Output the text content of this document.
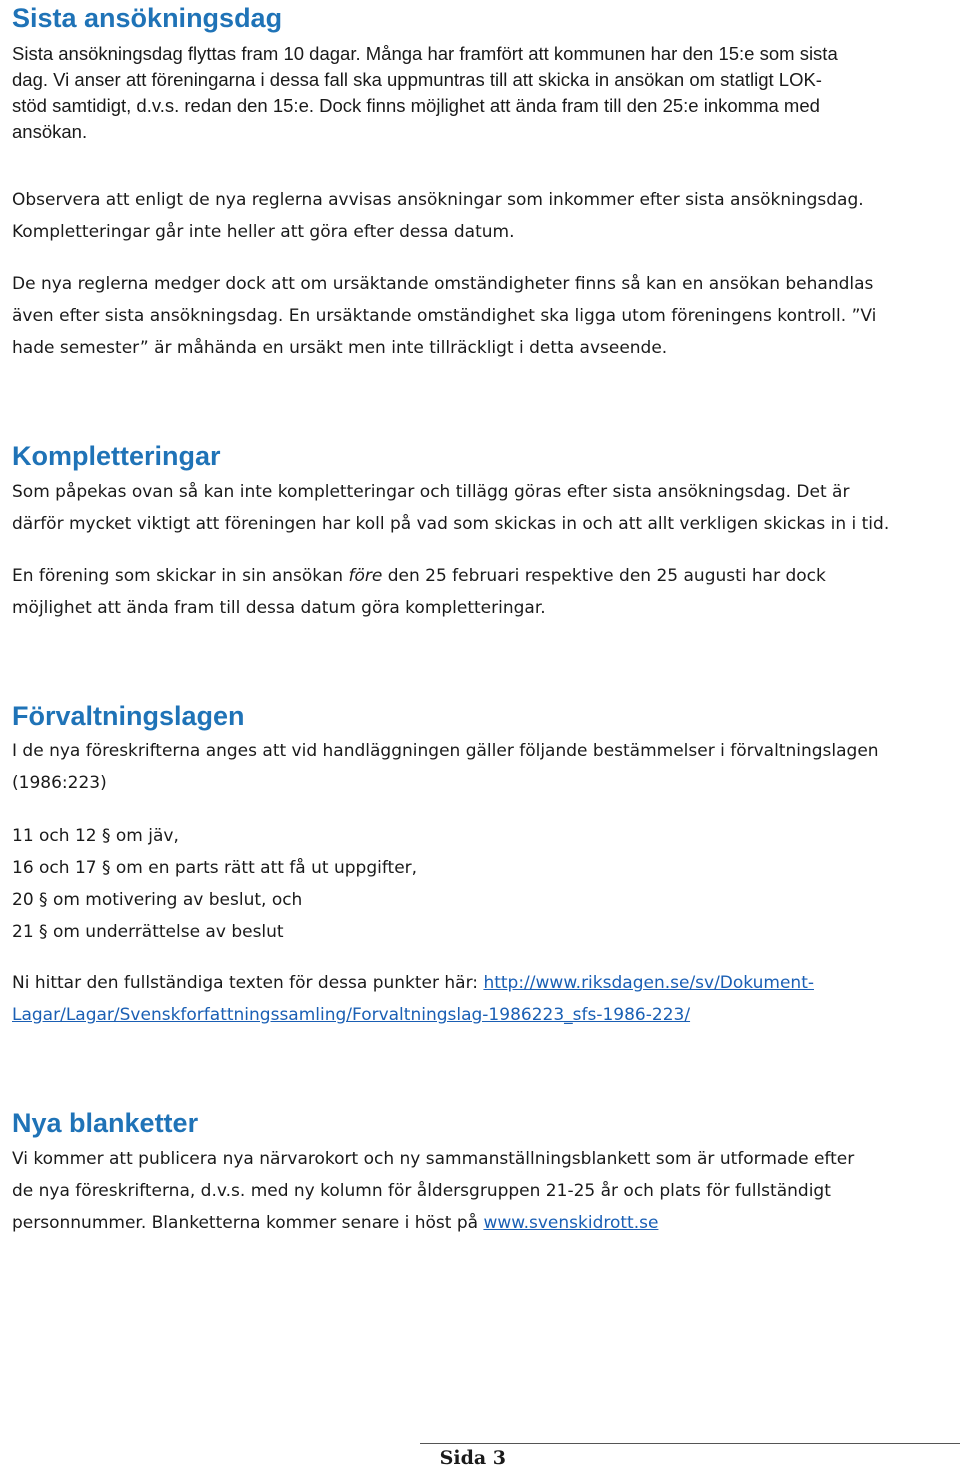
Sista ansökningsdag
Sista ansökningsdag flyttas fram 10 dagar. Många har framfört att kommunen har den 15:e som sista
dag. Vi anser att föreningarna i dessa fall ska uppmuntras till att skicka in ansökan om statligt LOK-
stöd samtidigt, d.v.s. redan den 15:e. Dock finns möjlighet att ända fram till den 25:e inkomma med
ansökan.
Observera att enligt de nya reglerna avvisas ansökningar som inkommer efter sista ansökningsdag.
Kompletteringar går inte heller att göra efter dessa datum.
De nya reglerna medger dock att om ursäktande omständigheter finns så kan en ansökan behandlas
även efter sista ansökningsdag. En ursäktande omständighet ska ligga utom föreningens kontroll. ”Vi
hade semester” är måhända en ursäkt men inte tillräckligt i detta avseende.
Kompletteringar
Som påpekas ovan så kan inte kompletteringar och tillägg göras efter sista ansökningsdag. Det är
därför mycket viktigt att föreningen har koll på vad som skickas in och att allt verkligen skickas in i tid.
En förening som skickar in sin ansökan före den 25 februari respektive den 25 augusti har dock
möjlighet att ända fram till dessa datum göra kompletteringar.
Förvaltningslagen
I de nya föreskrifterna anges att vid handläggningen gäller följande bestämmelser i förvaltningslagen
(1986:223)
11 och 12 § om jäv,
16 och 17 § om en parts rätt att få ut uppgifter,
20 § om motivering av beslut, och
21 § om underrättelse av beslut
Ni hittar den fullständiga texten för dessa punkter här: http://www.riksdagen.se/sv/Dokument-
Lagar/Lagar/Svenskforfattningssamling/Forvaltningslag-1986223_sfs-1986-223/
Nya blanketter
Vi kommer att publicera nya närvarokort och ny sammanställningsblankett som är utformade efter
de nya föreskrifterna, d.v.s. med ny kolumn för åldersgruppen 21-25 år och plats för fullständigt
personnummer. Blanketterna kommer senare i höst på www.svenskidrott.se
Sida 3
